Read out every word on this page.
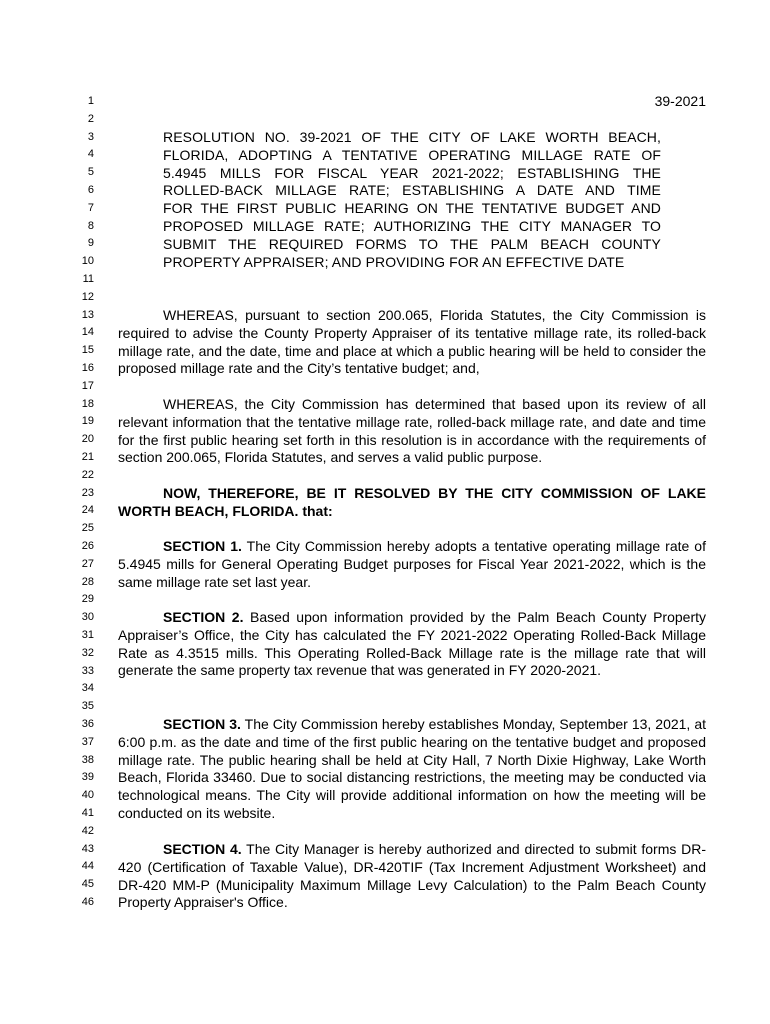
1
2
3
4
5
6
7
8
9
10
11
12
13
14
15
16
17
18
19
20
21
22
23
24
25
26
27
28
29
30
31
32
33
34
35
36
37
38
39
40
41
42
43
44
45
46
39-2021
RESOLUTION NO. 39-2021 OF THE CITY OF LAKE WORTH BEACH,
FLORIDA, ADOPTING A TENTATIVE OPERATING MILLAGE RATE OF
5.4945 MILLS FOR FISCAL YEAR 2021-2022; ESTABLISHING THE
ROLLED-BACK MILLAGE RATE; ESTABLISHING A DATE AND TIME
FOR THE FIRST PUBLIC HEARING ON THE TENTATIVE BUDGET AND
PROPOSED MILLAGE RATE; AUTHORIZING THE CITY MANAGER TO
SUBMIT THE REQUIRED FORMS TO THE PALM BEACH COUNTY
PROPERTY APPRAISER; AND PROVIDING FOR AN EFFECTIVE DATE
WHEREAS, pursuant to section 200.065, Florida Statutes, the City Commission is required to advise the County Property Appraiser of its tentative millage rate, its rolled-back millage rate, and the date, time and place at which a public hearing will be held to consider the proposed millage rate and the City’s tentative budget; and,
WHEREAS, the City Commission has determined that based upon its review of all relevant information that the tentative millage rate, rolled-back millage rate, and date and time for the first public hearing set forth in this resolution is in accordance with the requirements of section 200.065, Florida Statutes, and serves a valid public purpose.
NOW, THEREFORE, BE IT RESOLVED BY THE CITY COMMISSION OF LAKE WORTH BEACH, FLORIDA. that:
SECTION 1. The City Commission hereby adopts a tentative operating millage rate of 5.4945 mills for General Operating Budget purposes for Fiscal Year 2021-2022, which is the same millage rate set last year.
SECTION 2. Based upon information provided by the Palm Beach County Property Appraiser’s Office, the City has calculated the FY 2021-2022 Operating Rolled-Back Millage Rate as 4.3515 mills. This Operating Rolled-Back Millage rate is the millage rate that will generate the same property tax revenue that was generated in FY 2020-2021.
SECTION 3. The City Commission hereby establishes Monday, September 13, 2021, at 6:00 p.m. as the date and time of the first public hearing on the tentative budget and proposed millage rate. The public hearing shall be held at City Hall, 7 North Dixie Highway, Lake Worth Beach, Florida 33460. Due to social distancing restrictions, the meeting may be conducted via technological means. The City will provide additional information on how the meeting will be conducted on its website.
SECTION 4. The City Manager is hereby authorized and directed to submit forms DR-420 (Certification of Taxable Value), DR-420TIF (Tax Increment Adjustment Worksheet) and DR-420 MM-P (Municipality Maximum Millage Levy Calculation) to the Palm Beach County Property Appraiser's Office.
